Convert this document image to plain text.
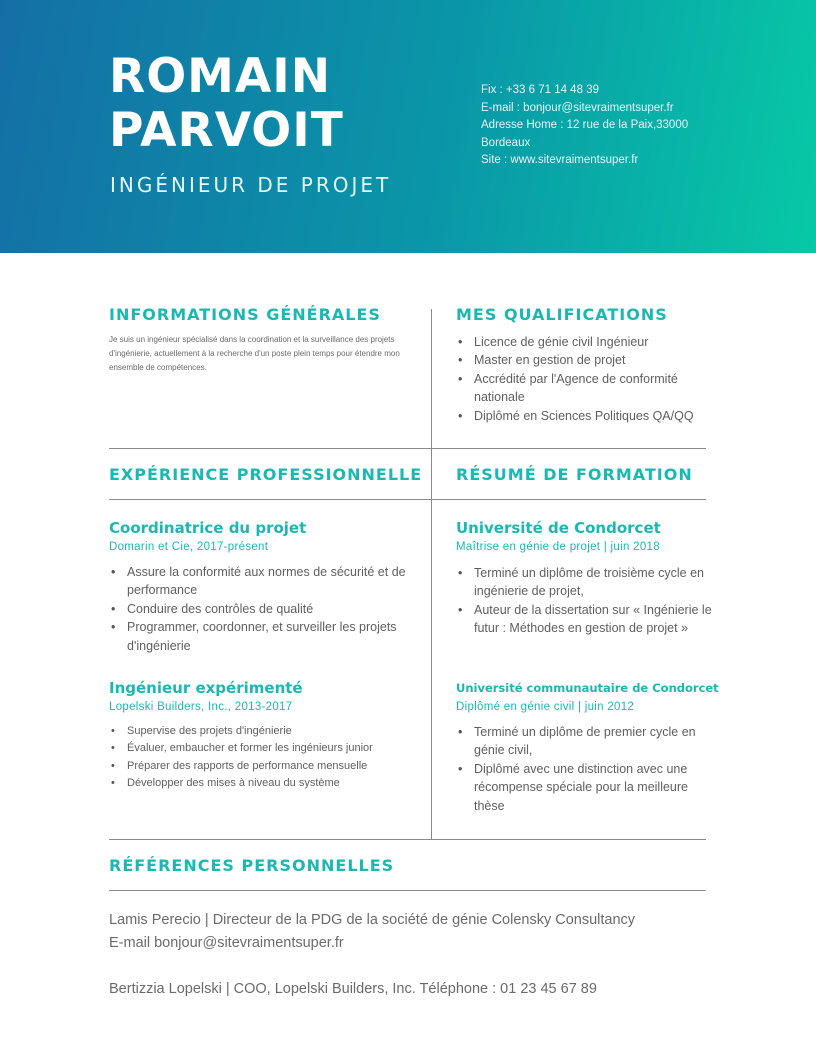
ROMAIN
PARVOIT
INGÉNIEUR DE PROJET
Fix : +33 6 71 14 48 39
E-mail : bonjour@sitevraimentsuper.fr
Adresse Home : 12 rue de la Paix,33000
Bordeaux
Site : www.sitevraimentsuper.fr
INFORMATIONS GÉNÉRALES
Je suis un ingénieur spécialisé dans la coordination et la surveillance des projets d'ingénierie, actuellement à la recherche d'un poste plein temps pour étendre mon ensemble de compétences.
MES QUALIFICATIONS
• Licence de génie civil Ingénieur
• Master en gestion de projet
• Accrédité par l'Agence de conformité nationale
• Diplômé en Sciences Politiques QA/QQ
EXPÉRIENCE PROFESSIONNELLE
Coordinatrice du projet
Domarin et Cie, 2017-présent
• Assure la conformité aux normes de sécurité et de performance
• Conduire des contrôles de qualité
• Programmer, coordonner, et surveiller les projets d'ingénierie
Ingénieur expérimenté
Lopelski Builders, Inc., 2013-2017
• Supervise des projets d'ingénierie
• Évaluer, embaucher et former les ingénieurs junior
• Préparer des rapports de performance mensuelle
• Développer des mises à niveau du système
RÉSUMÉ DE FORMATION
Université de Condorcet
Maîtrise en génie de projet | juin 2018
• Terminé un diplôme de troisième cycle en ingénierie de projet,
• Auteur de la dissertation sur « Ingénierie le futur : Méthodes en gestion de projet »
Université communautaire de Condorcet
Diplômé en génie civil | juin 2012
• Terminé un diplôme de premier cycle en génie civil,
• Diplômé avec une distinction avec une récompense spéciale pour la meilleure thèse
RÉFÉRENCES PERSONNELLES
Lamis Perecio | Directeur de la PDG de la société de génie Colensky Consultancy
E-mail bonjour@sitevraimentsuper.fr
Bertizzia Lopelski | COO, Lopelski Builders, Inc. Téléphone : 01 23 45 67 89
